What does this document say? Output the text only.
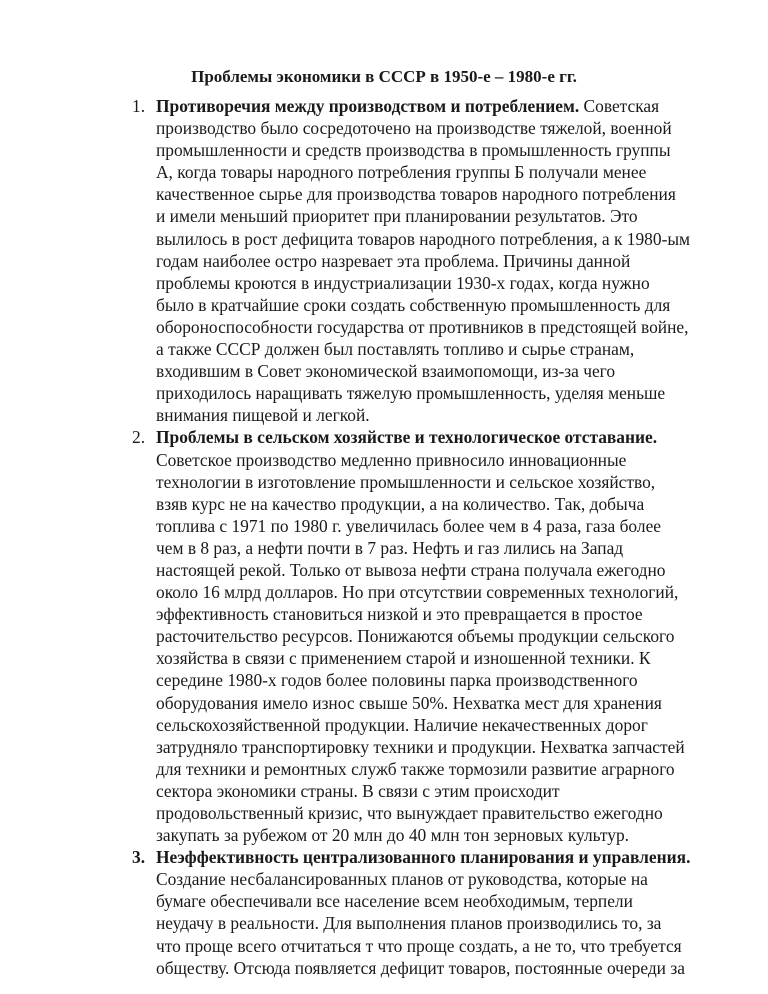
Проблемы экономики в СССР в 1950-е – 1980-е гг.
1. Противоречия между производством и потреблением. Советская
производство было сосредоточено на производстве тяжелой, военной
промышленности и средств производства в промышленность группы
А, когда товары народного потребления группы Б получали менее
качественное сырье для производства товаров народного потребления
и имели меньший приоритет при планировании результатов. Это
вылилось в рост дефицита товаров народного потребления, а к 1980-ым
годам наиболее остро назревает эта проблема. Причины данной
проблемы кроются в индустриализации 1930-х годах, когда нужно
было в кратчайшие сроки создать собственную промышленность для
обороноспособности государства от противников в предстоящей войне,
а также СССР должен был поставлять топливо и сырье странам,
входившим в Совет экономической взаимопомощи, из-за чего
приходилось наращивать тяжелую промышленность, уделяя меньше
внимания пищевой и легкой.
2. Проблемы в сельском хозяйстве и технологическое отставание.
Советское производство медленно привносило инновационные
технологии в изготовление промышленности и сельское хозяйство,
взяв курс не на качество продукции, а на количество. Так, добыча
топлива с 1971 по 1980 г. увеличилась более чем в 4 раза, газа более
чем в 8 раз, а нефти почти в 7 раз. Нефть и газ лились на Запад
настоящей рекой. Только от вывоза нефти страна получала ежегодно
около 16 млрд долларов. Но при отсутствии современных технологий,
эффективность становиться низкой и это превращается в простое
расточительство ресурсов. Понижаются объемы продукции сельского
хозяйства в связи с применением старой и изношенной техники. К
середине 1980-х годов более половины парка производственного
оборудования имело износ свыше 50%. Нехватка мест для хранения
сельскохозяйственной продукции. Наличие некачественных дорог
затрудняло транспортировку техники и продукции. Нехватка запчастей
для техники и ремонтных служб также тормозили развитие аграрного
сектора экономики страны. В связи с этим происходит
продовольственный кризис, что вынуждает правительство ежегодно
закупать за рубежом от 20 млн до 40 млн тон зерновых культур.
3. Неэффективность централизованного планирования и управления.
Создание несбалансированных планов от руководства, которые на
бумаге обеспечивали все население всем необходимым, терпели
неудачу в реальности. Для выполнения планов производились то, за
что проще всего отчитаться т что проще создать, а не то, что требуется
обществу. Отсюда появляется дефицит товаров, постоянные очереди за
